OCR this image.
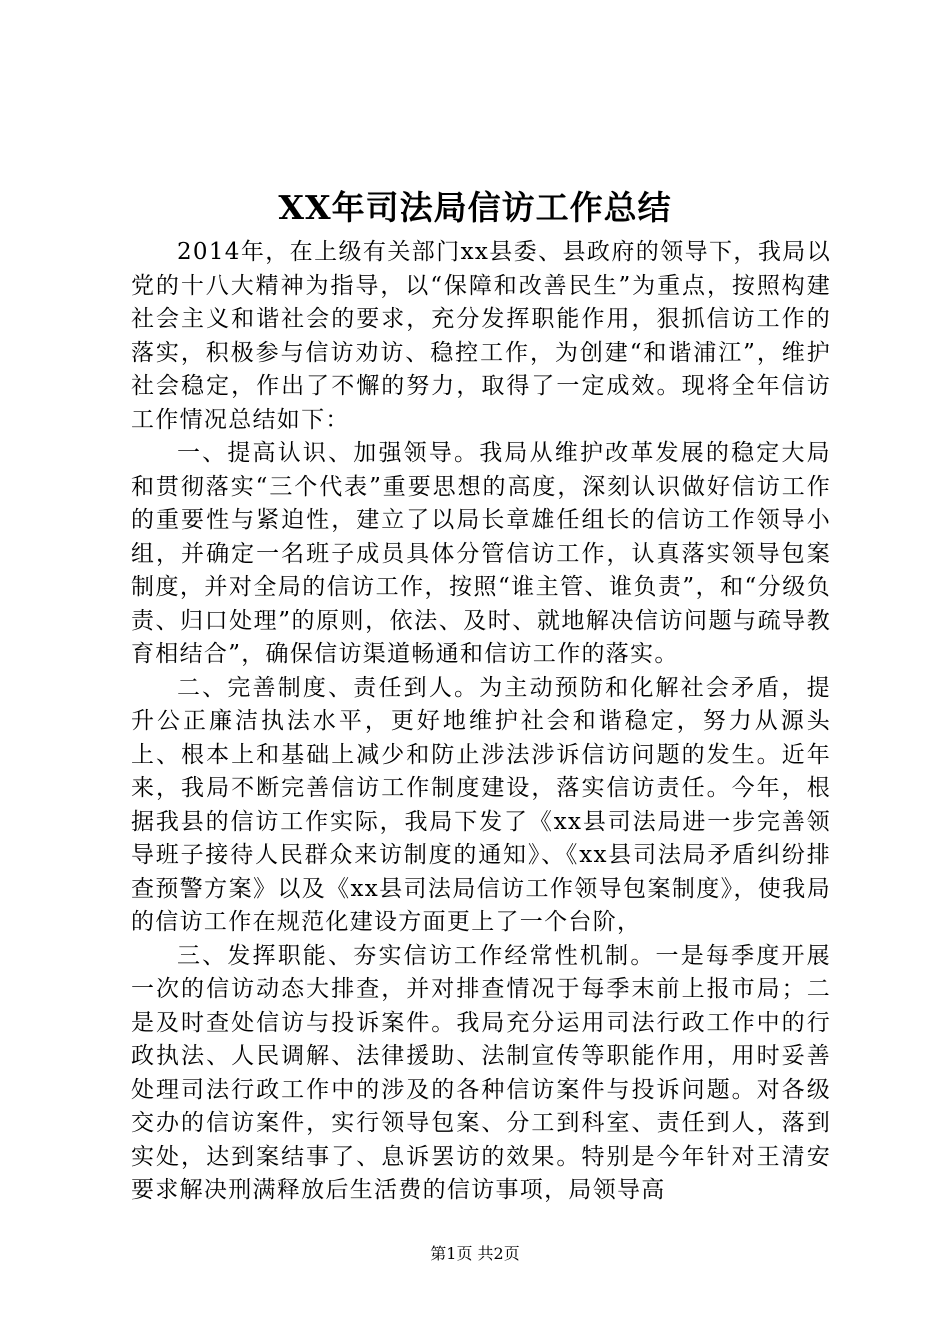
XX年司法局信访工作总结

2014年，在上级有关部门xx县委、县政府的领导下，我局以党的十八大精神为指导，以“保障和改善民生”为重点，按照构建社会主义和谐社会的要求，充分发挥职能作用，狠抓信访工作的落实，积极参与信访劝访、稳控工作，为创建“和谐浦江”，维护社会稳定，作出了不懈的努力，取得了一定成效。现将全年信访工作情况总结如下：

一、提高认识、加强领导。我局从维护改革发展的稳定大局和贯彻落实“三个代表”重要思想的高度，深刻认识做好信访工作的重要性与紧迫性，建立了以局长章雄任组长的信访工作领导小组，并确定一名班子成员具体分管信访工作，认真落实领导包案制度，并对全局的信访工作，按照“谁主管、谁负责”，和“分级负责、归口处理”的原则，依法、及时、就地解决信访问题与疏导教育相结合”，确保信访渠道畅通和信访工作的落实。

二、完善制度、责任到人。为主动预防和化解社会矛盾，提升公正廉洁执法水平，更好地维护社会和谐稳定，努力从源头上、根本上和基础上减少和防止涉法涉诉信访问题的发生。近年来，我局不断完善信访工作制度建设，落实信访责任。今年，根据我县的信访工作实际，我局下发了《xx县司法局进一步完善领导班子接待人民群众来访制度的通知》、《xx县司法局矛盾纠纷排查预警方案》以及《xx县司法局信访工作领导包案制度》，使我局的信访工作在规范化建设方面更上了一个台阶，

三、发挥职能、夯实信访工作经常性机制。一是每季度开展一次的信访动态大排查，并对排查情况于每季末前上报市局；二是及时查处信访与投诉案件。我局充分运用司法行政工作中的行政执法、人民调解、法律援助、法制宣传等职能作用，用时妥善处理司法行政工作中的涉及的各种信访案件与投诉问题。对各级交办的信访案件，实行领导包案、分工到科室、责任到人，落到实处，达到案结事了、息诉罢访的效果。特别是今年针对王清安要求解决刑满释放后生活费的信访事项，局领导高

第1页 共2页
